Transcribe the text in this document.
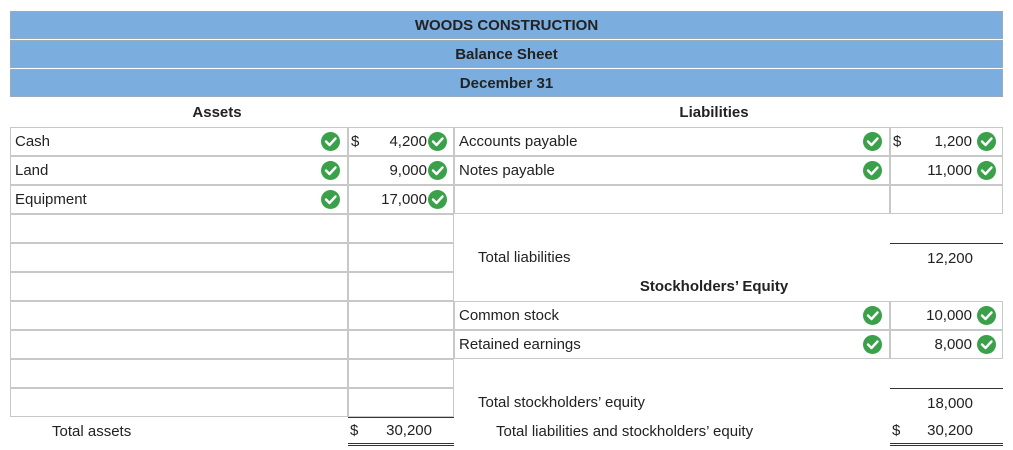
WOODS CONSTRUCTION
Balance Sheet
December 31
Assets	Liabilities
Cash	$ 4,200 Accounts payable	$ 1,200
Land	9,000 Notes payable	11,000
Equipment	17,000
Total liabilities	12,200
Stockholders’ Equity
Common stock	10,000
Retained earnings	8,000
Total stockholders’ equity	18,000
Total assets	$ 30,200	Total liabilities and stockholders’ equity	$ 30,200
